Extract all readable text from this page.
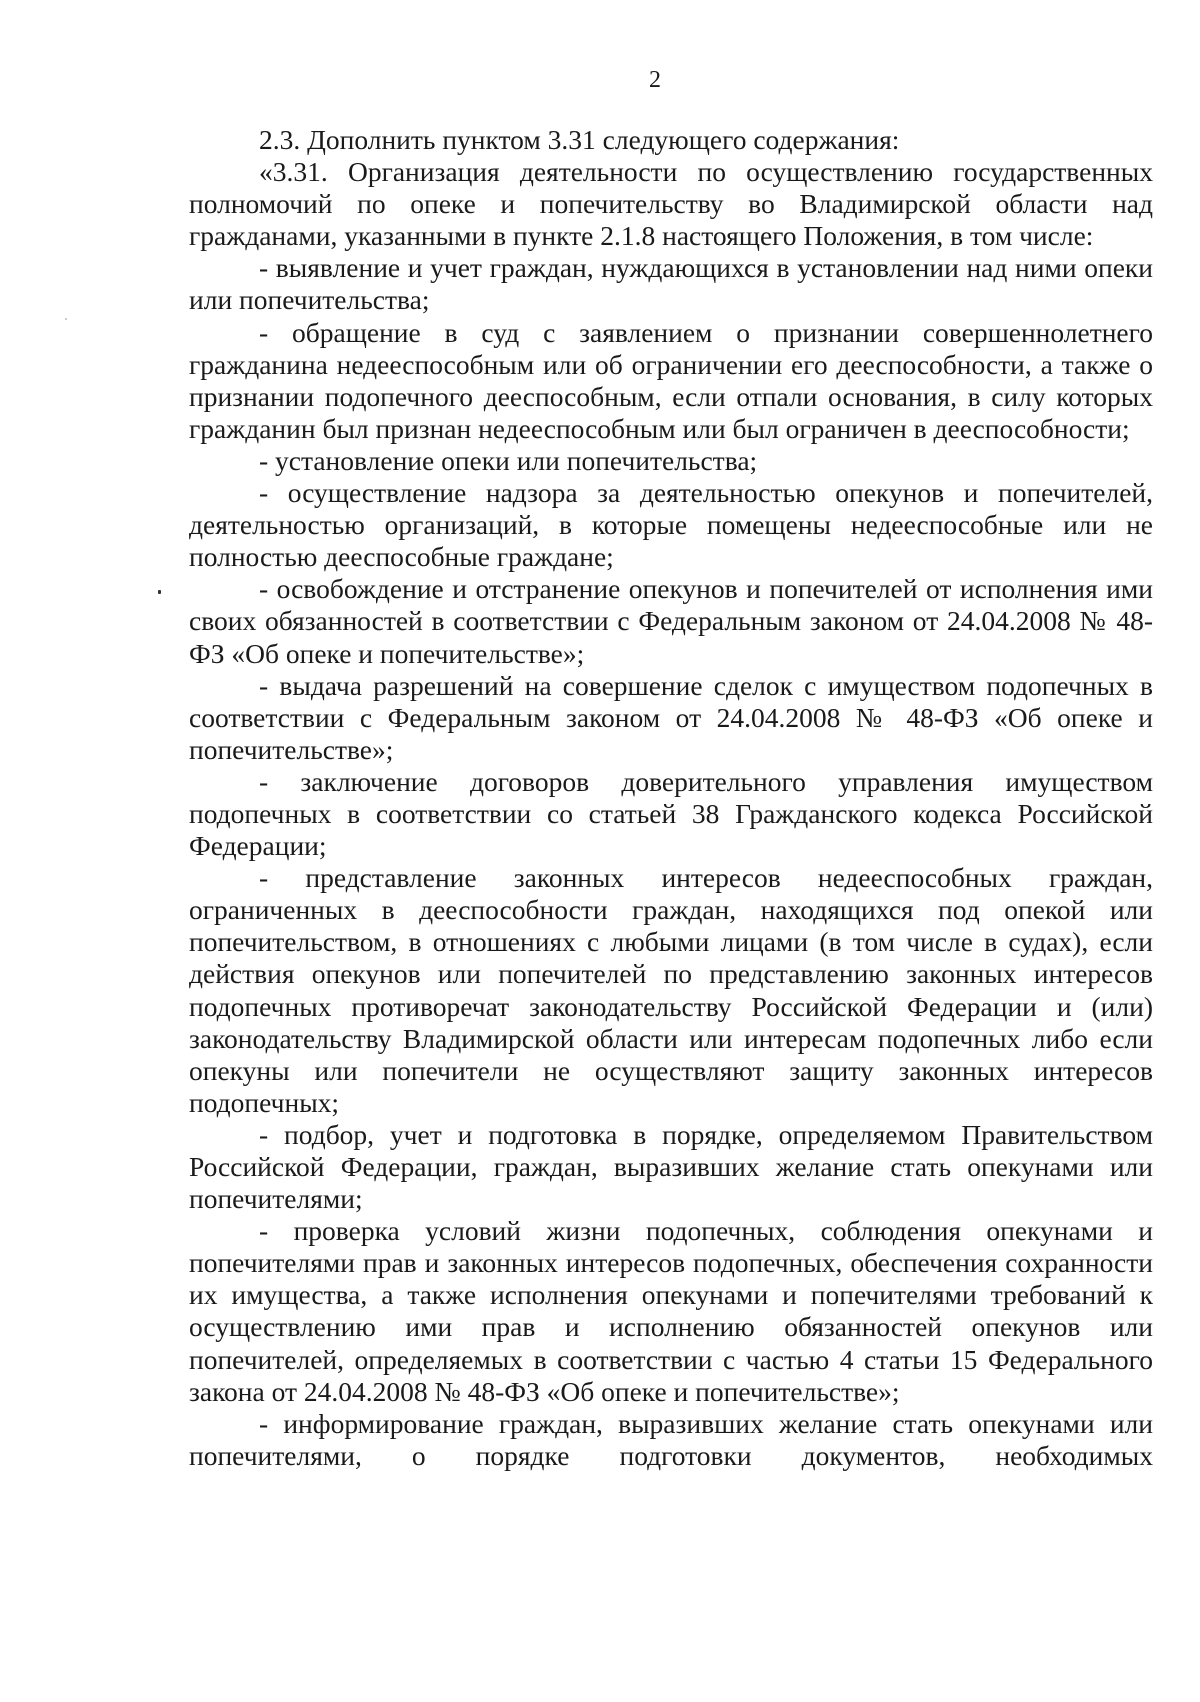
2

2.3. Дополнить пунктом 3.31 следующего содержания:

«3.31. Организация деятельности по осуществлению государственных полномочий по опеке и попечительству во Владимирской области над гражданами, указанными в пункте 2.1.8 настоящего Положения, в том числе:

- выявление и учет граждан, нуждающихся в установлении над ними опеки или попечительства;

- обращение в суд с заявлением о признании совершеннолетнего гражданина недееспособным или об ограничении его дееспособности, а также о признании подопечного дееспособным, если отпали основания, в силу которых гражданин был признан недееспособным или был ограничен в дееспособности;

- установление опеки или попечительства;

- осуществление надзора за деятельностью опекунов и попечителей, деятельностью организаций, в которые помещены недееспособные или не полностью дееспособные граждане;

- освобождение и отстранение опекунов и попечителей от исполнения ими своих обязанностей в соответствии с Федеральным законом от 24.04.2008 № 48-ФЗ «Об опеке и попечительстве»;

- выдача разрешений на совершение сделок с имуществом подопечных в соответствии с Федеральным законом от 24.04.2008 № 48-ФЗ «Об опеке и попечительстве»;

- заключение договоров доверительного управления имуществом подопечных в соответствии со статьей 38 Гражданского кодекса Российской Федерации;

- представление законных интересов недееспособных граждан, ограниченных в дееспособности граждан, находящихся под опекой или попечительством, в отношениях с любыми лицами (в том числе в судах), если действия опекунов или попечителей по представлению законных интересов подопечных противоречат законодательству Российской Федерации и (или) законодательству Владимирской области или интересам подопечных либо если опекуны или попечители не осуществляют защиту законных интересов подопечных;

- подбор, учет и подготовка в порядке, определяемом Правительством Российской Федерации, граждан, выразивших желание стать опекунами или попечителями;

- проверка условий жизни подопечных, соблюдения опекунами и попечителями прав и законных интересов подопечных, обеспечения сохранности их имущества, а также исполнения опекунами и попечителями требований к осуществлению ими прав и исполнению обязанностей опекунов или попечителей, определяемых в соответствии с частью 4 статьи 15 Федерального закона от 24.04.2008 № 48-ФЗ «Об опеке и попечительстве»;

- информирование граждан, выразивших желание стать опекунами или попечителями, о порядке подготовки документов, необходимых
